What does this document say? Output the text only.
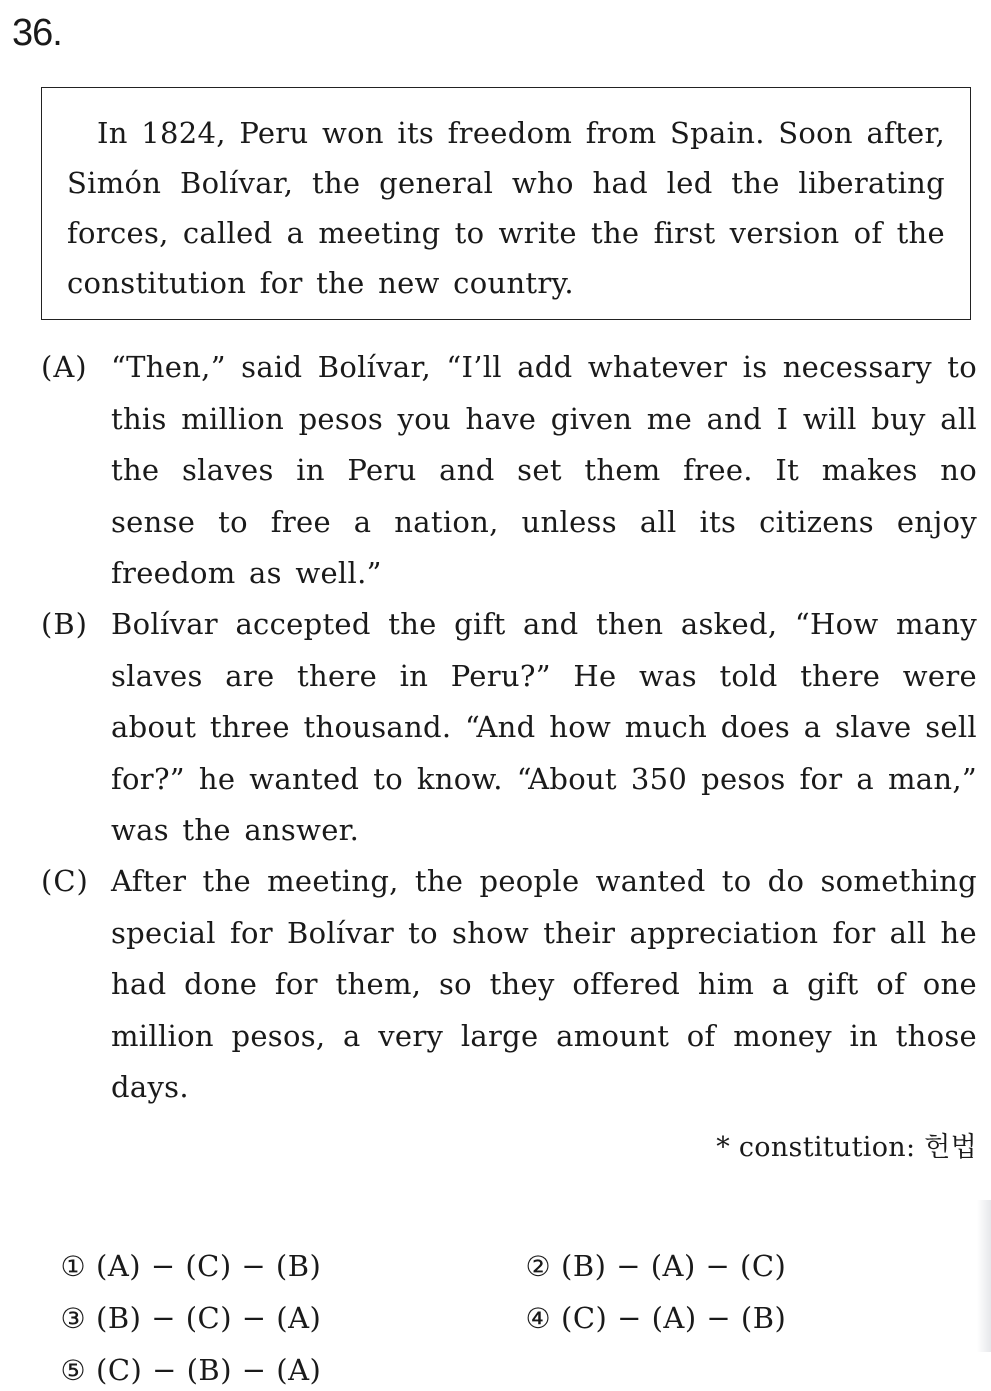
36.

In 1824, Peru won its freedom from Spain. Soon after, Simón Bolívar, the general who had led the liberating forces, called a meeting to write the first version of the constitution for the new country.

(A) “Then,” said Bolívar, “I’ll add whatever is necessary to this million pesos you have given me and I will buy all the slaves in Peru and set them free. It makes no sense to free a nation, unless all its citizens enjoy freedom as well.”
(B) Bolívar accepted the gift and then asked, “How many slaves are there in Peru?” He was told there were about three thousand. “And how much does a slave sell for?” he wanted to know. “About 350 pesos for a man,” was the answer.
(C) After the meeting, the people wanted to do something special for Bolívar to show their appreciation for all he had done for them, so they offered him a gift of one million pesos, a very large amount of money in those days.
* constitution: 헌법

① (A) − (C) − (B)	② (B) − (A) − (C)

③ (B) − (C) − (A)	④ (C) − (A) − (B)

⑤ (C) − (B) − (A)
